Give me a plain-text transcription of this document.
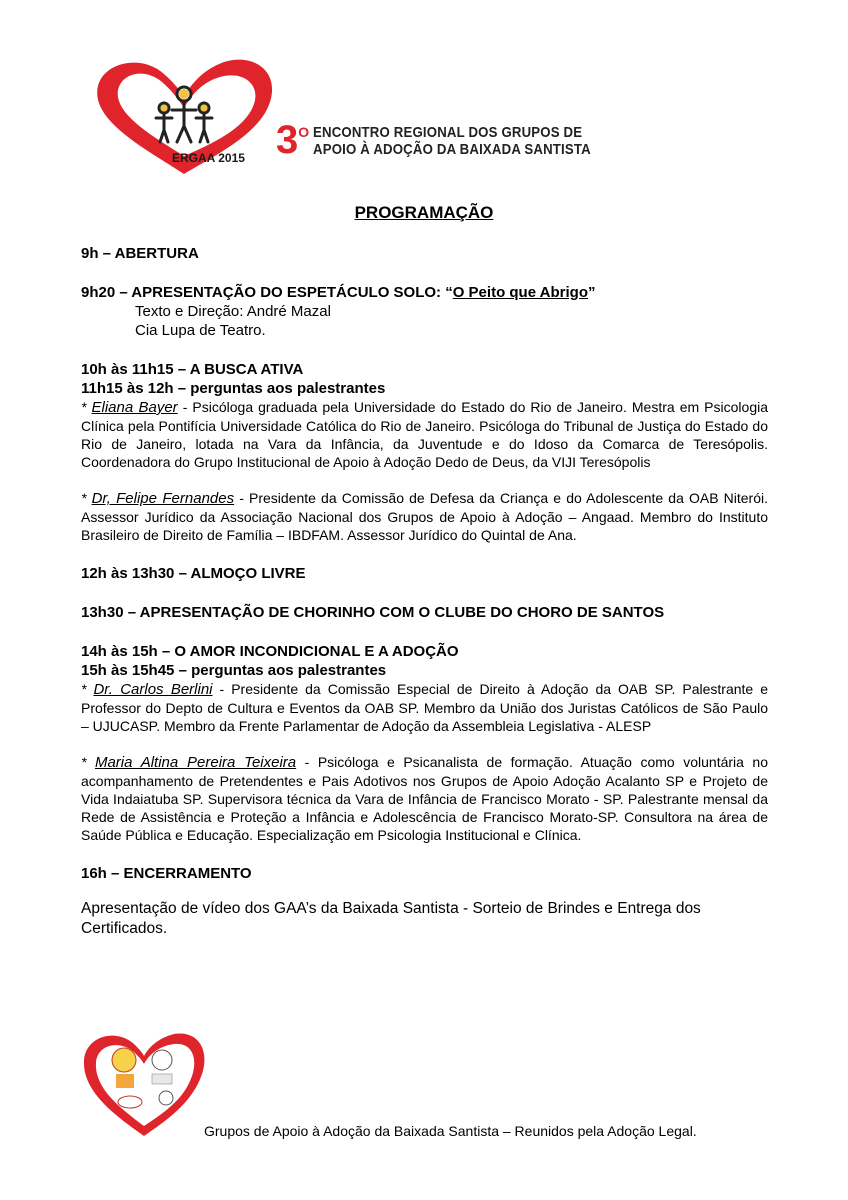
ERGAA 2015 3 O ENCONTRO REGIONAL DOS GRUPOS DE
APOIO À ADOÇÃO DA BAIXADA SANTISTA
PROGRAMAÇÃO

9h – ABERTURA

9h20 – APRESENTAÇÃO DO ESPETÁCULO SOLO: “O Peito que Abrigo”

Texto e Direção: André Mazal
Cia Lupa de Teatro.

10h às 11h15 – A BUSCA ATIVA

11h15 às 12h – perguntas aos palestrantes

* Eliana Bayer - Psicóloga graduada pela Universidade do Estado do Rio de Janeiro. Mestra em Psicologia Clínica pela Pontifícia Universidade Católica do Rio de Janeiro. Psicóloga do Tribunal de Justiça do Estado do Rio de Janeiro, lotada na Vara da Infância, da Juventude e do Idoso da Comarca de Teresópolis. Coordenadora do Grupo Institucional de Apoio à Adoção Dedo de Deus, da VIJI Teresópolis

* Dr, Felipe Fernandes - Presidente da Comissão de Defesa da Criança e do Adolescente da OAB Niterói. Assessor Jurídico da Associação Nacional dos Grupos de Apoio à Adoção – Angaad. Membro do Instituto Brasileiro de Direito de Família – IBDFAM. Assessor Jurídico do Quintal de Ana.

12h às 13h30 – ALMOÇO LIVRE

13h30 – APRESENTAÇÃO DE CHORINHO COM O CLUBE DO CHORO DE SANTOS

14h às 15h – O AMOR INCONDICIONAL E A ADOÇÃO

15h às 15h45 – perguntas aos palestrantes

* Dr. Carlos Berlini - Presidente da Comissão Especial de Direito à Adoção da OAB SP. Palestrante e Professor do Depto de Cultura e Eventos da OAB SP. Membro da União dos Juristas Católicos de São Paulo – UJUCASP. Membro da Frente Parlamentar de Adoção da Assembleia Legislativa - ALESP

* Maria Altina Pereira Teixeira - Psicóloga e Psicanalista de formação. Atuação como voluntária no acompanhamento de Pretendentes e Pais Adotivos nos Grupos de Apoio Adoção Acalanto SP e Projeto de Vida Indaiatuba SP. Supervisora técnica da Vara de Infância de Francisco Morato - SP. Palestrante mensal da Rede de Assistência e Proteção a Infância e Adolescência de Francisco Morato-SP. Consultora na área de Saúde Pública e Educação. Especialização em Psicologia Institucional e Clínica.

16h – ENCERRAMENTO

Apresentação de vídeo dos GAA’s da Baixada Santista - Sorteio de Brindes e Entrega dos Certificados.

Grupos de Apoio à Adoção da Baixada Santista – Reunidos pela Adoção Legal.
